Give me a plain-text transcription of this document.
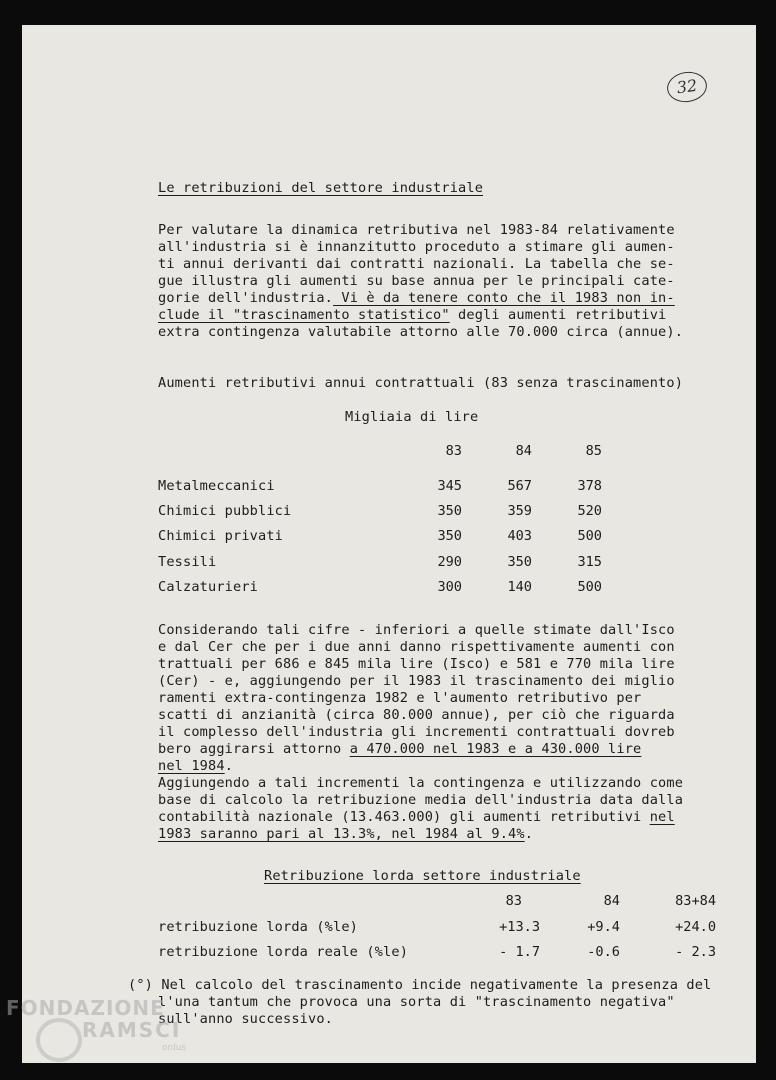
32
Le retribuzioni del settore industriale
Per valutare la dinamica retributiva nel 1983-84 relativamente
all'industria si è innanzitutto proceduto a stimare gli aumen-
ti annui derivanti dai contratti nazionali. La tabella che se-
gue illustra gli aumenti su base annua per le principali cate-
gorie dell'industria. Vi è da tenere conto che il 1983 non in-
clude il "trascinamento statistico" degli aumenti retributivi
extra contingenza valutabile attorno alle 70.000 circa (annue).
Aumenti retributivi annui contrattuali (83 senza trascinamento)
Migliaia di lire
83	84	85
Metalmeccanici	345	567	378
Chimici pubblici	350	359	520
Chimici privati	350	403	500
Tessili	290	350	315
Calzaturieri	300	140	500
Considerando tali cifre - inferiori a quelle stimate dall'Isco
e dal Cer che per i due anni danno rispettivamente aumenti con
trattuali per 686 e 845 mila lire (Isco) e 581 e 770 mila lire
(Cer) - e, aggiungendo per il 1983 il trascinamento dei miglio
ramenti extra-contingenza 1982 e l'aumento retributivo per
scatti di anzianità (circa 80.000 annue), per ciò che riguarda
il complesso dell'industria gli incrementi contrattuali dovreb
bero aggirarsi attorno a 470.000 nel 1983 e a 430.000 lire
nel 1984.
Aggiungendo a tali incrementi la contingenza e utilizzando come
base di calcolo la retribuzione media dell'industria data dalla
contabilità nazionale (13.463.000) gli aumenti retributivi nel
1983 saranno pari al 13.3%, nel 1984 al 9.4%.
Retribuzione lorda settore industriale
83	84	83+84
retribuzione lorda (%le)	+13.3	+9.4	+24.0
retribuzione lorda reale (%le)	- 1.7	-0.6	- 2.3
(°) Nel calcolo del trascinamento incide negativamente la presenza del
l'una tantum che provoca una sorta di "trascinamento negativa"
sull'anno successivo.
FONDAZIONE
RAMSCI
onlus
